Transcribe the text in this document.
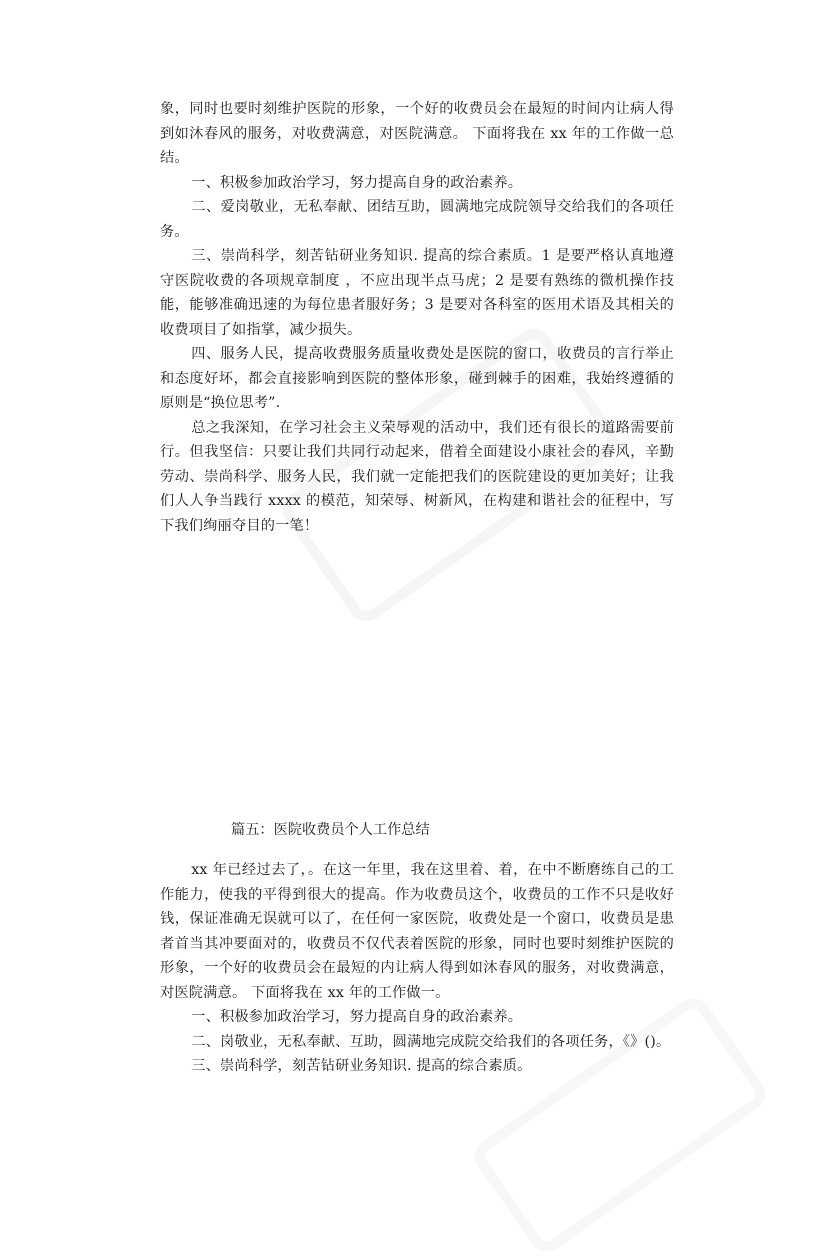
象，同时也要时刻维护医院的形象，一个好的收费员会在最短的时间内让病人得到如沐春风的服务，对收费满意，对医院满意。 下面将我在 xx 年的工作做一总结。

一、积极参加政治学习，努力提高自身的政治素养。

二、爱岗敬业，无私奉献、团结互助，圆满地完成院领导交给我们的各项任务。

三、崇尚科学，刻苦钻研业务知识. 提高的综合素质。1 是要严格认真地遵守医院收费的各项规章制度 ，不应出现半点马虎；2 是要有熟练的微机操作技能，能够准确迅速的为每位患者服好务；3 是要对各科室的医用术语及其相关的收费项目了如指掌，减少损失。

四、服务人民，提高收费服务质量收费处是医院的窗口，收费员的言行举止和态度好坏，都会直接影响到医院的整体形象，碰到棘手的困难，我始终遵循的原则是“换位思考”.

总之我深知，在学习社会主义荣辱观的活动中，我们还有很长的道路需要前行。但我坚信：只要让我们共同行动起来，借着全面建设小康社会的春风，辛勤劳动、崇尚科学、服务人民，我们就一定能把我们的医院建设的更加美好；让我们人人争当践行 xxxx 的模范，知荣辱、树新风，在构建和谐社会的征程中，写下我们绚丽夺目的一笔！

篇五：医院收费员个人工作总结

xx 年已经过去了，。在这一年里，我在这里着、着，在中不断磨练自己的工作能力，使我的平得到很大的提高。作为收费员这个，收费员的工作不只是收好钱，保证准确无误就可以了，在任何一家医院，收费处是一个窗口，收费员是患者首当其冲要面对的，收费员不仅代表着医院的形象，同时也要时刻维护医院的形象，一个好的收费员会在最短的内让病人得到如沐春风的服务，对收费满意，对医院满意。 下面将我在 xx 年的工作做一。

一、积极参加政治学习，努力提高自身的政治素养。

二、岗敬业，无私奉献、互助，圆满地完成院交给我们的各项任务，《》()。

三、崇尚科学，刻苦钻研业务知识. 提高的综合素质。
